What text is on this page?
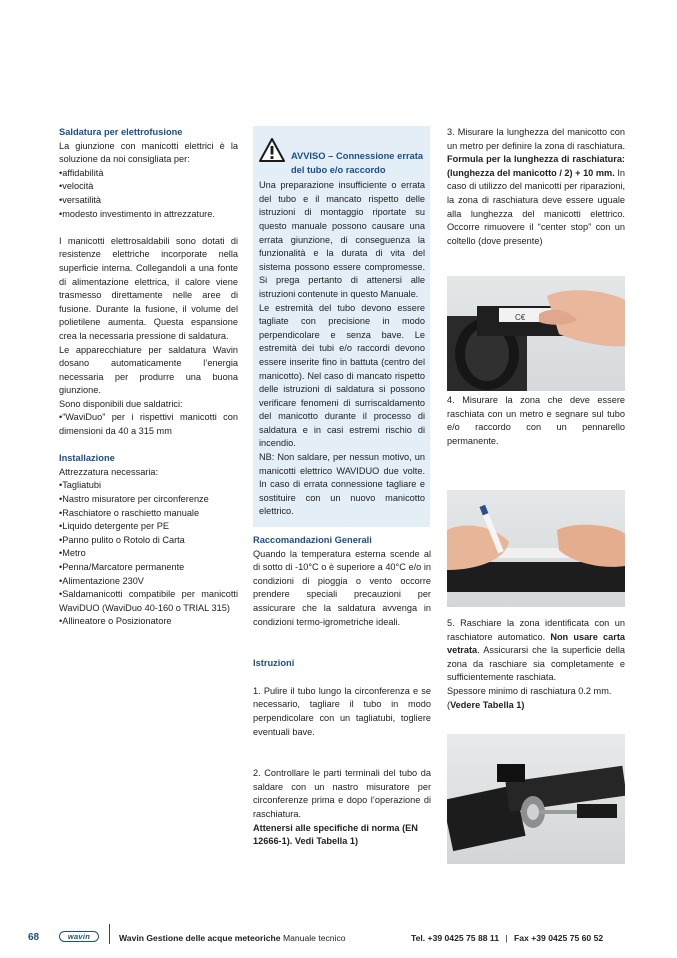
Saldatura per elettrofusione

La giunzione con manicotti elettrici è la soluzione da noi consigliata per:

• affidabilità
• velocità
• versatilità
• modesto investimento in attrezzature.

I manicotti elettrosaldabili sono dotati di resistenze elettriche incorporate nella superficie interna. Collegandoli a una fonte di alimentazione elettrica, il calore viene trasmesso direttamente nelle aree di fusione. Durante la fusione, il volume del polietilene aumenta. Questa espansione crea la necessaria pressione di saldatura.

Le apparecchiature per saldatura Wavin dosano automaticamente l’energia necessaria per produrre una buona giunzione.

Sono disponibili due saldatrici:

• “WaviDuo” per i rispettivi manicotti con dimensioni da 40 a 315 mm
Installazione

Attrezzatura necessaria:

• Tagliatubi
• Nastro misuratore per circonferenze
• Raschiatore o raschietto manuale
• Liquido detergente per PE
• Panno pulito o Rotolo di Carta
• Metro
• Penna/Marcatore permanente
• Alimentazione 230V
• Saldamanicotti compatibile per manicotti WaviDUO (WaviDuo 40-160 o TRIAL 315)
• Allineatore o Posizionatore
AVVISO – Connessione errata del tubo e/o raccordo

Una preparazione insufficiente o errata del tubo e il mancato rispetto delle istruzioni di montaggio riportate su questo manuale possono causare una errata giunzione, di conseguenza la funzionalità e la durata di vita del sistema possono essere compromesse. Si prega pertanto di attenersi alle istruzioni contenute in questo Manuale.

Le estremità del tubo devono essere tagliate con precisione in modo perpendicolare e senza bave. Le estremità dei tubi e/o raccordi devono essere inserite fino in battuta (centro del manicotto). Nel caso di mancato rispetto delle istruzioni di saldatura si possono verificare fenomeni di surriscaldamento del manicotto durante il processo di saldatura e in casi estremi rischio di incendio.

NB: Non saldare, per nessun motivo, un manicotti elettrico WAVIDUO due volte. In caso di errata connessione tagliare e sostituire con un nuovo manicotto elettrico.

Raccomandazioni Generali

Quando la temperatura esterna scende al di sotto di -10°C o è superiore a 40°C e/o in condizioni di pioggia o vento occorre prendere speciali precauzioni per assicurare che la saldatura avvenga in condizioni termo-igrometriche ideali.

Istruzioni

1. Pulire il tubo lungo la circonferenza e se necessario, tagliare il tubo in modo perpendicolare con un tagliatubi, togliere eventuali bave.

2. Controllare le parti terminali del tubo da saldare con un nastro misuratore per circonferenze prima e dopo l’operazione di raschiatura.

Attenersi alle specifiche di norma (EN 12666-1). Vedi Tabella 1)

3. Misurare la lunghezza del manicotto con un metro per definire la zona di raschiatura. Formula per la lunghezza di raschiatura: (lunghezza del manicotto / 2) + 10 mm. In caso di utilizzo del manicotti per riparazioni, la zona di raschiatura deve essere uguale alla lunghezza del manicotti elettrico. Occorre rimuovere il “center stop” con un coltello (dove presente)

C€

4. Misurare la zona che deve essere raschiata con un metro e segnare sul tubo e/o raccordo con un pennarello permanente.

5. Raschiare la zona identificata con un raschiatore automatico. Non usare carta vetrata. Assicurarsi che la superficie della zona da raschiare sia completamente e sufficientemente raschiata.

Spessore minimo di raschiatura 0.2 mm. (Vedere Tabella 1)

68	wavin	Wavin Gestione delle acque meteoriche Manuale tecnico	Tel. +39 0425 75 88 11 | Fax +39 0425 75 60 52
